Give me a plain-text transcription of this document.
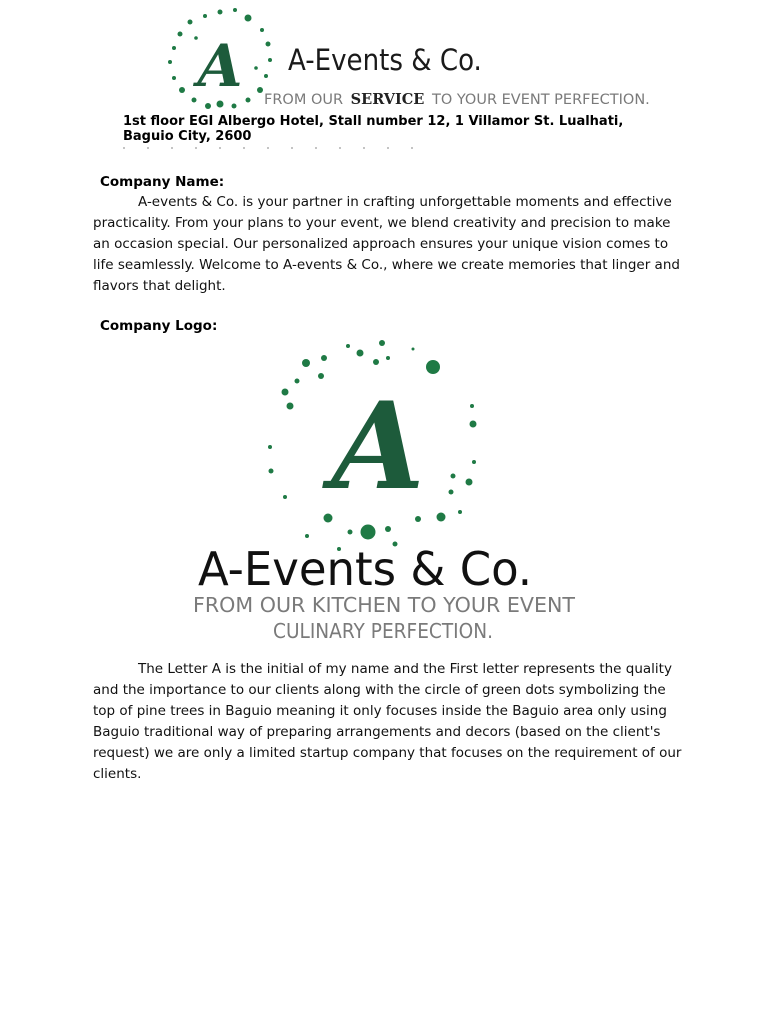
A A-Events & Co.
FROM OUR SERVICE TO YOUR EVENT PERFECTION.
1st floor EGI Albergo Hotel, Stall number 12, 1 Villamor St. Lualhati, Baguio City, 2600
Company Name:

A-events & Co. is your partner in crafting unforgettable moments and effective practicality. From your plans to your event, we blend creativity and precision to make an occasion special. Our personalized approach ensures your unique vision comes to life seamlessly. Welcome to A-events & Co., where we create memories that linger and flavors that delight.

Company Logo:
A
A-Events & Co.
FROM OUR KITCHEN TO YOUR EVENT
CULINARY PERFECTION.

The Letter A is the initial of my name and the First letter represents the quality and the importance to our clients along with the circle of green dots symbolizing the top of pine trees in Baguio meaning it only focuses inside the Baguio area only using Baguio traditional way of preparing arrangements and decors (based on the client's request) we are only a limited startup company that focuses on the requirement of our clients.
